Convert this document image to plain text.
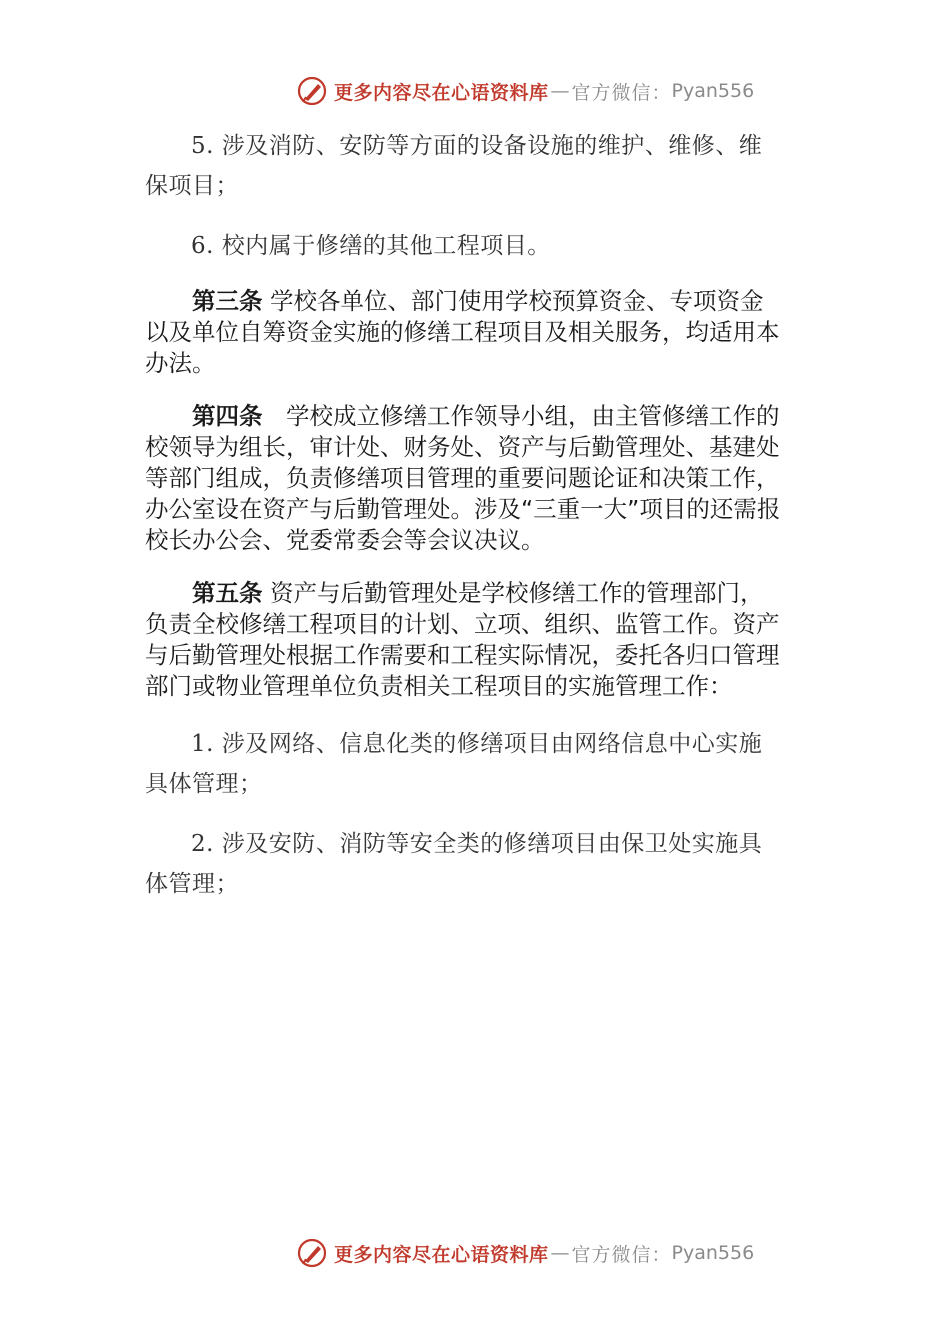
更多内容尽在心语资料库 — 官方微信： Pyan556

5. 涉及消防、安防等方面的设备设施的维护、维修、维保项目；

6. 校内属于修缮的其他工程项目。

第三条 学校各单位、部门使用学校预算资金、专项资金以及单位自筹资金实施的修缮工程项目及相关服务，均适用本办法。

第四条　学校成立修缮工作领导小组，由主管修缮工作的校领导为组长，审计处、财务处、资产与后勤管理处、基建处等部门组成，负责修缮项目管理的重要问题论证和决策工作，办公室设在资产与后勤管理处。涉及“三重一大”项目的还需报校长办公会、党委常委会等会议决议。

第五条 资产与后勤管理处是学校修缮工作的管理部门，负责全校修缮工程项目的计划、立项、组织、监管工作。资产与后勤管理处根据工作需要和工程实际情况，委托各归口管理部门或物业管理单位负责相关工程项目的实施管理工作：

1. 涉及网络、信息化类的修缮项目由网络信息中心实施具体管理；

2. 涉及安防、消防等安全类的修缮项目由保卫处实施具体管理；

更多内容尽在心语资料库 — 官方微信： Pyan556
